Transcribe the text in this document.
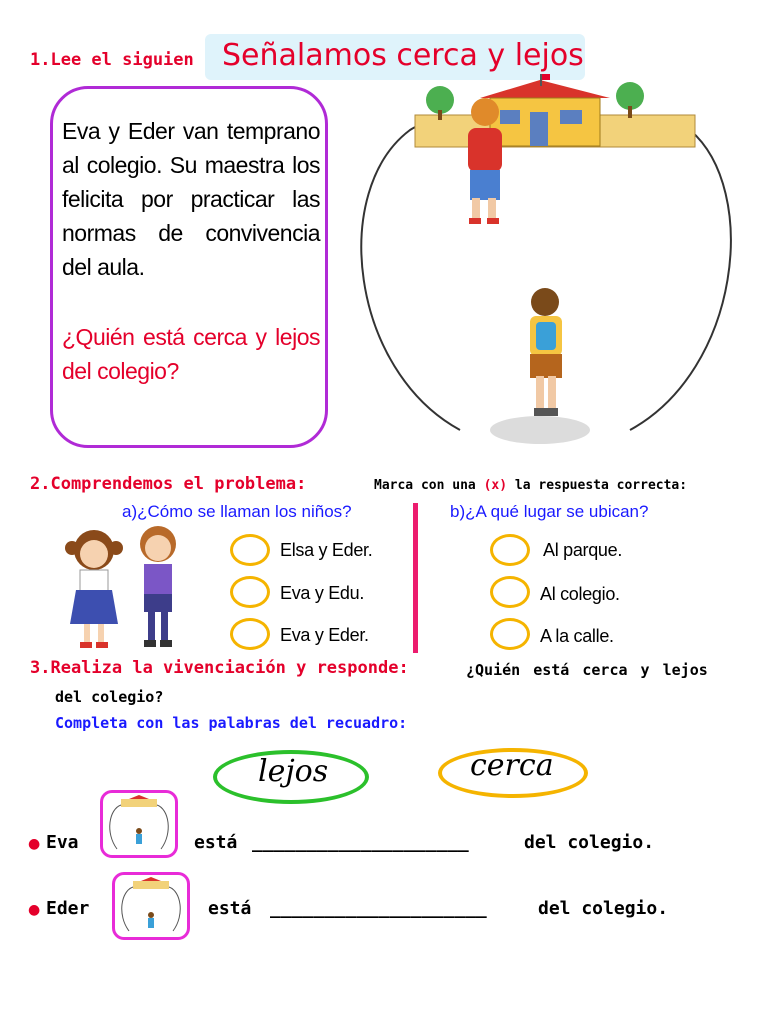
Señalamos cerca y lejos
1.Lee el siguien
Eva y Eder van temprano al colegio. Su maestra los felicita por practicar las normas de convivencia del aula.
¿Quién está cerca y lejos del colegio?
2.Comprendemos el problema:	Marca con una (x) la respuesta correcta:
a)¿Cómo se llaman los niños?	b)¿A qué lugar se ubican?
Elsa y Eder.
Eva y Edu.
Eva y Eder.
Al parque.
Al colegio.
A la calle.
3.Realiza la vivenciación y responde:	¿Quién está cerca y lejos
del colegio?
Completa con las palabras del recuadro:
lejos	cerca
● Eva	está ____________________	del colegio.
● Eder	está ____________________	del colegio.
